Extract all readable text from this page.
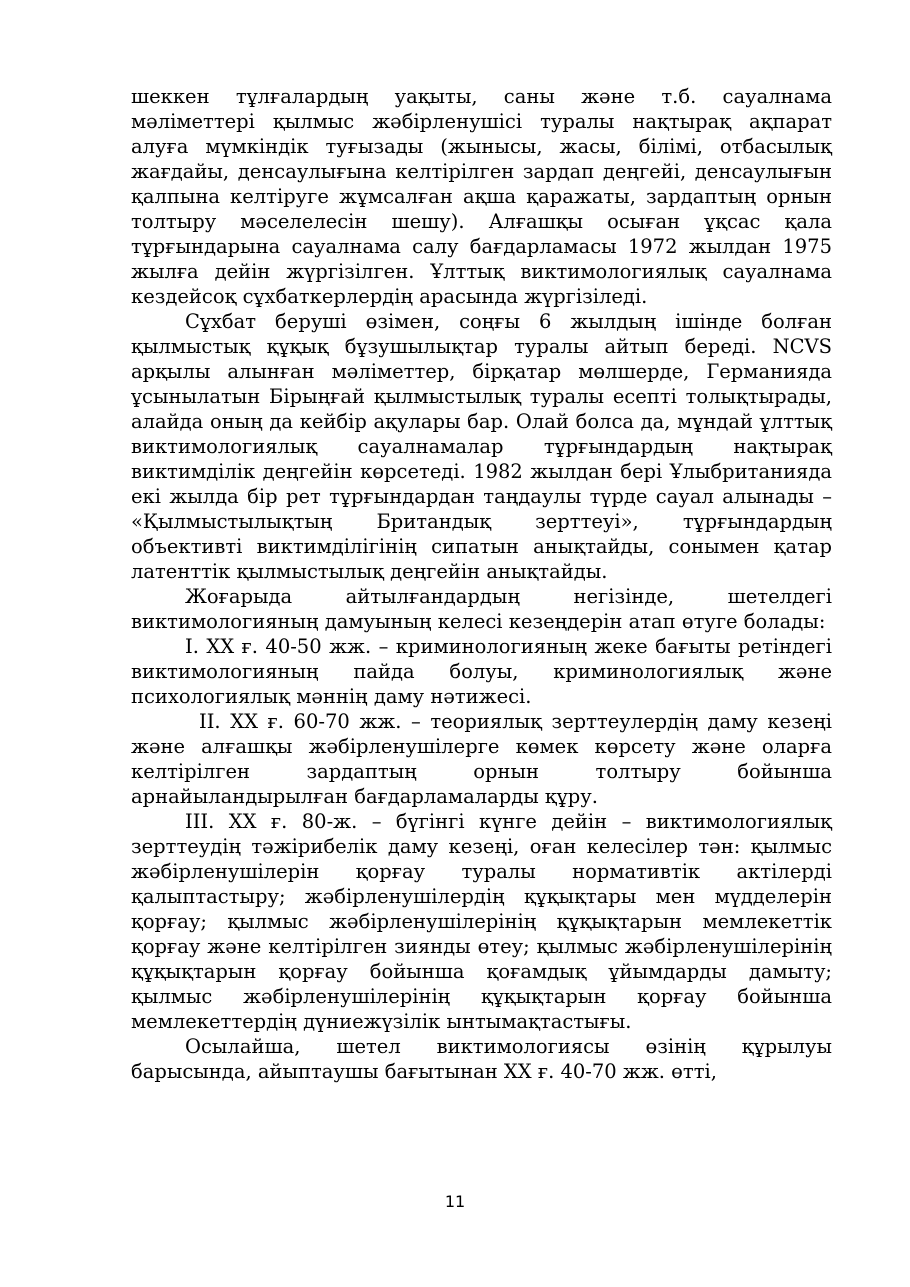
шеккен тұлғалардың уақыты, саны және т.б. сауалнама мәліметтері қылмыс жәбірленушісі туралы нақтырақ ақпарат алуға мүмкіндік туғызады (жынысы, жасы, білімі, отбасылық жағдайы, денсаулығына келтірілген зардап деңгейі, денсаулығын қалпына келтіруге жұмсалған ақша қаражаты, зардаптың орнын толтыру мәселелесін шешу). Алғашқы осыған ұқсас қала тұрғындарына сауалнама салу бағдарламасы 1972 жылдан 1975 жылға дейін жүргізілген. Ұлттық виктимологиялық сауалнама кездейсоқ сұхбаткерлердің арасында жүргізіледі.

Сұхбат беруші өзімен, соңғы 6 жылдың ішінде болған қылмыстық құқық бұзушылықтар туралы айтып береді. NCVS арқылы алынған мәліметтер, бірқатар мөлшерде, Германияда ұсынылатын Бірыңғай қылмыстылық туралы есепті толықтырады, алайда оның да кейбір ақулары бар. Олай болса да, мұндай ұлттық виктимологиялық сауалнамалар тұрғындардың нақтырақ виктимділік деңгейін көрсетеді. 1982 жылдан бері Ұлыбританияда екі жылда бір рет тұрғындардан таңдаулы түрде сауал алынады – «Қылмыстылықтың Британдық зерттеуі», тұрғындардың объективті виктимділігінің сипатын анықтайды, сонымен қатар латенттік қылмыстылық деңгейін анықтайды.

Жоғарыда айтылғандардың негізінде, шетелдегі виктимологияның дамуының келесі кезеңдерін атап өтуге болады:

I. XX ғ. 40-50 жж. – криминологияның жеке бағыты ретіндегі виктимологияның пайда болуы, криминологиялық және психологиялық мәннің даму нәтижесі.

II. XX ғ. 60-70 жж. – теориялық зерттеулердің даму кезеңі және алғашқы жәбірленушілерге көмек көрсету және оларға келтірілген зардаптың орнын толтыру бойынша арнайыландырылған бағдарламаларды құру.

III. XX ғ. 80-ж. – бүгінгі күнге дейін – виктимологиялық зерттеудің тәжірибелік даму кезеңі, оған келесілер тән: қылмыс жәбірленушілерін қорғау туралы нормативтік актілерді қалыптастыру; жәбірленушілердің құқықтары мен мүдделерін қорғау; қылмыс жәбірленушілерінің құқықтарын мемлекеттік қорғау және келтірілген зиянды өтеу; қылмыс жәбірленушілерінің құқықтарын қорғау бойынша қоғамдық ұйымдарды дамыту; қылмыс жәбірленушілерінің құқықтарын қорғау бойынша мемлекеттердің дүниежүзілік ынтымақтастығы.

Осылайша, шетел виктимологиясы өзінің құрылуы барысында, айыптаушы бағытынан XX ғ. 40-70 жж. өтті,

11
